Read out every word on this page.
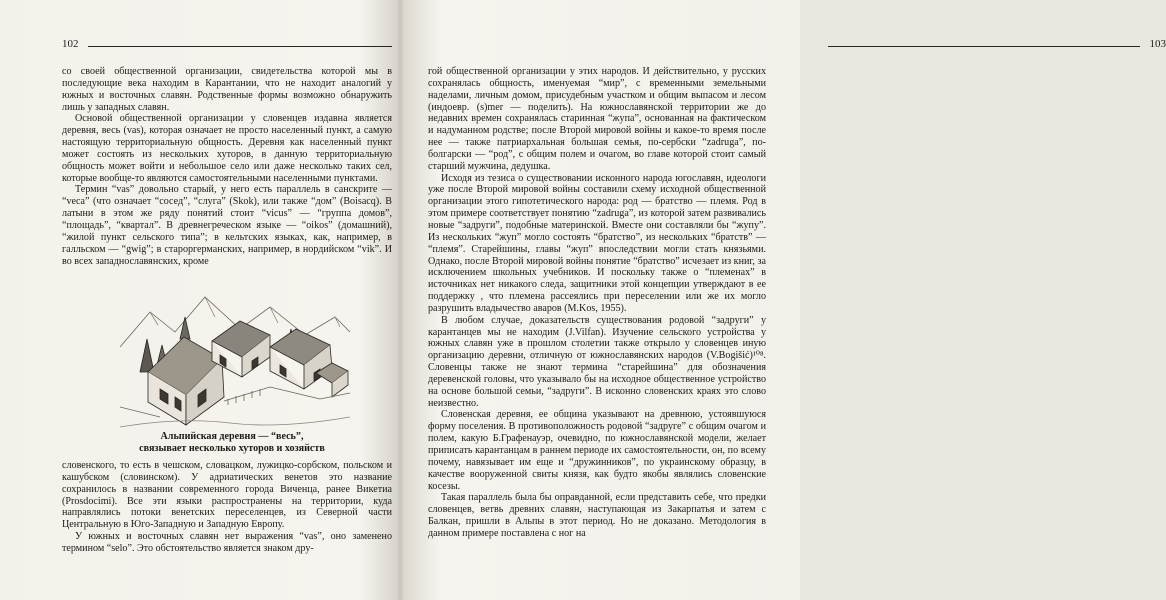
102

со своей общественной организации, свидетельства которой мы в последующие века находим в Карантании, что не находит аналогий у южных и восточных славян. Родственные формы возможно обнаружить лишь у западных славян.

Основой общественной организации у словенцев издавна является деревня, весь (vas), которая означает не просто населенный пункт, а самую настоящую территориальную общность. Деревня как населенный пункт может состоять из нескольких хуторов, в данную территориальную общность может войти и небольшое село или даже несколько таких сел, которые вообще-то являются самостоятельными населенными пунктами.

Термин “vas” довольно старый, у него есть параллель в санскрите — “veca” (что означает “сосед”, “слуга” (Skok), или также “дом” (Boisacq). В латыни в этом же ряду понятий стоит “vicus” — “группа домов”, “площадь”, “квартал”. В древнегреческом языке — “oikos” (домашний), “жилой пункт сельского типа”; в кельтских языках, как, например, в галльском — “gwig”; в староргерманских, например, в нордийском “vik”. И во всех западнославянских, кроме

Альпийская деревня — “весь”,
связывает несколько хуторов и хозяйств

словенского, то есть в чешском, словацком, лужицко-сорбском, польском и кашубском (словинском). У адриатических венетов это название сохранилось в названии современного города Виченца, ранее Викетиа (Prosdocimi). Все эти языки распространены на территории, куда направлялись потоки венетских переселенцев, из Северной части Центральную в Юго-Западную и Западную Европу.

У южных и восточных славян нет выражения “vas”, оно заменено термином “selo”. Это обстоятельство является знаком дру-

103

гой общественной организации у этих народов. И действительно, у русских сохранялась общность, именуемая “мир”, с временными земельными наделами, личным домом, присудебным участком и общим выпасом и лесом (индоевр. (s)mer — поделить). На южнославянской территории же до недавних времен сохранялась старинная “жупа”, основанная на фактическом и надуманном родстве; после Второй мировой войны и какое-то время после нее — также патриархальная большая семья, по-сербски “zadruga”, по-болгарски — “род”, с общим полем и очагом, во главе которой стоит самый старший мужчина, дедушка.

Исходя из тезиса о существовании исконного народа югославян, идеологи уже после Второй мировой войны составили схему исходной общественной организации этого гипотетического народа: род — братство — племя. Род в этом примере соответствует понятию “zadruga”, из которой затем развивались новые “задруги”, подобные материнской. Вместе они составляли бы “жупу”. Из нескольких “жуп” могло состоять “братство”, из нескольких “братств” — “племя”. Старейшины, главы “жуп” впоследствии могли стать князьями. Однако, после Второй мировой войны понятие “братство” исчезает из книг, за исключением школьных учебников. И поскольку также о “племенах” в источниках нет никакого следа, защитники этой концепции утверждают в ее поддержку , что племена рассеялись при переселении или же их могло разрушить владычество аваров (M.Kos, 1955).

В любом случае, доказательств существования родовой “задруги” у карантанцев мы не находим (J.Vilfan). Изучение сельского устройства у южных славян уже в прошлом столетии также открыло у словенцев иную организацию деревни, отличную от южнославянских народов (V.Bogišić)¹⁰⁸. Словенцы также не знают термина “старейшина” для обозначения деревенской головы, что указывало бы на исходное общественное устройство на основе большой семьи, “задруги”. В исконно словенских краях это слово неизвестно.

Словенская деревня, ее община указывают на древнюю, устоявшуюся форму поселения. В противоположность родовой “задруге” с общим очагом и полем, какую Б.Графенауэр, очевидно, по южнославянской модели, желает приписать карантанцам в раннем периоде их самостоятельности, он, по всему почему, навязывает им еще и “дружинников”, по украинскому образцу, в качестве вооруженной свиты князя, как будто якобы являлись словенские косезы.

Такая параллель была бы оправданной, если представить себе, что предки словенцев, ветвь древних славян, наступающая из Закарпатья и затем с Балкан, пришли в Альпы в этот период. Но не доказано. Методология в данном примере поставлена с ног на
